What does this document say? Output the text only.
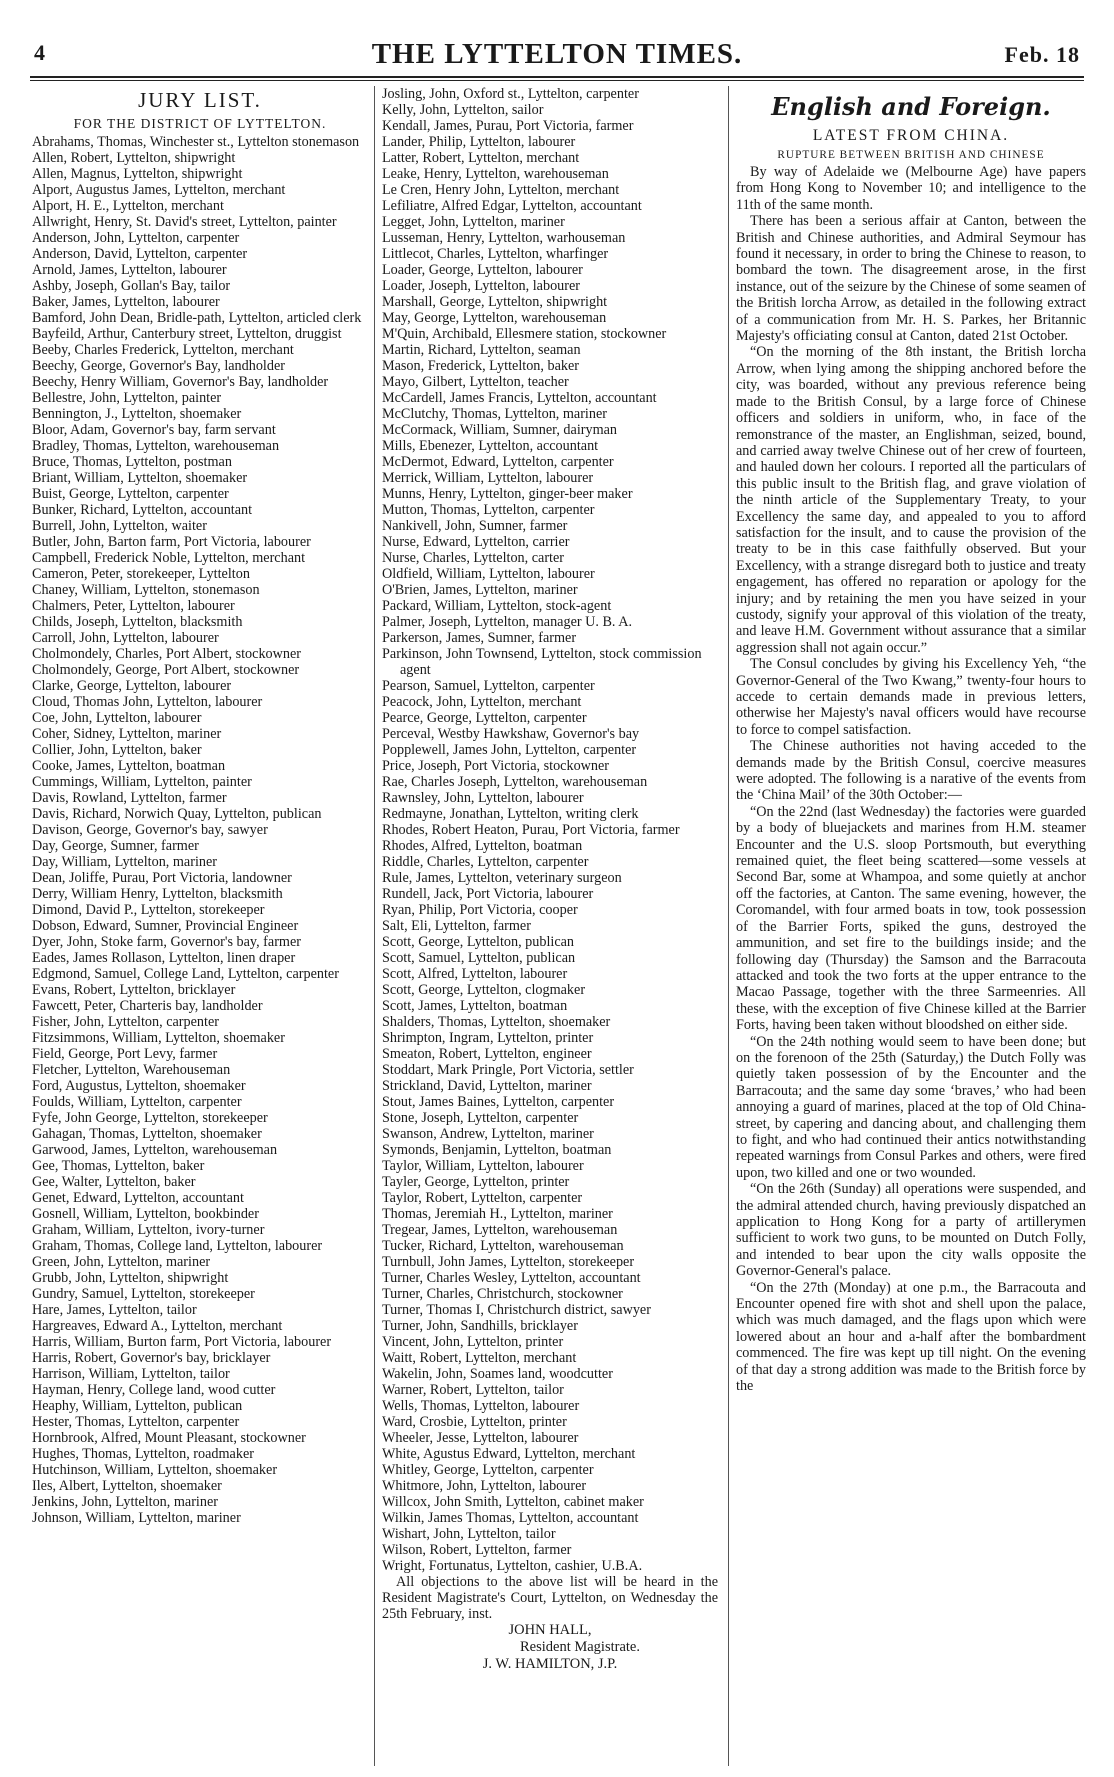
4	THE LYTTELTON TIMES.	Feb. 18
JURY LIST.
FOR THE DISTRICT OF LYTTELTON.
Abrahams, Thomas, Winchester st., Lyttelton stonemason
Allen, Robert, Lyttelton, shipwright
Allen, Magnus, Lyttelton, shipwright
Alport, Augustus James, Lyttelton, merchant
Alport, H. E., Lyttelton, merchant
Allwright, Henry, St. David's street, Lyttelton, painter
Anderson, John, Lyttelton, carpenter
Anderson, David, Lyttelton, carpenter
Arnold, James, Lyttelton, labourer
Ashby, Joseph, Gollan's Bay, tailor
Baker, James, Lyttelton, labourer
Bamford, John Dean, Bridle-path, Lyttelton, articled clerk
Bayfeild, Arthur, Canterbury street, Lyttelton, druggist
Beeby, Charles Frederick, Lyttelton, merchant
Beechy, George, Governor's Bay, landholder
Beechy, Henry William, Governor's Bay, landholder
Bellestre, John, Lyttelton, painter
Bennington, J., Lyttelton, shoemaker
Bloor, Adam, Governor's bay, farm servant
Bradley, Thomas, Lyttelton, warehouseman
Bruce, Thomas, Lyttelton, postman
Briant, William, Lyttelton, shoemaker
Buist, George, Lyttelton, carpenter
Bunker, Richard, Lyttelton, accountant
Burrell, John, Lyttelton, waiter
Butler, John, Barton farm, Port Victoria, labourer
Campbell, Frederick Noble, Lyttelton, merchant
Cameron, Peter, storekeeper, Lyttelton
Chaney, William, Lyttelton, stonemason
Chalmers, Peter, Lyttelton, labourer
Childs, Joseph, Lyttelton, blacksmith
Carroll, John, Lyttelton, labourer
Cholmondely, Charles, Port Albert, stockowner
Cholmondely, George, Port Albert, stockowner
Clarke, George, Lyttelton, labourer
Cloud, Thomas John, Lyttelton, labourer
Coe, John, Lyttelton, labourer
Coher, Sidney, Lyttelton, mariner
Collier, John, Lyttelton, baker
Cooke, James, Lyttelton, boatman
Cummings, William, Lyttelton, painter
Davis, Rowland, Lyttelton, farmer
Davis, Richard, Norwich Quay, Lyttelton, publican
Davison, George, Governor's bay, sawyer
Day, George, Sumner, farmer
Day, William, Lyttelton, mariner
Dean, Joliffe, Purau, Port Victoria, landowner
Derry, William Henry, Lyttelton, blacksmith
Dimond, David P., Lyttelton, storekeeper
Dobson, Edward, Sumner, Provincial Engineer
Dyer, John, Stoke farm, Governor's bay, farmer
Eades, James Rollason, Lyttelton, linen draper
Edgmond, Samuel, College Land, Lyttelton, carpenter
Evans, Robert, Lyttelton, bricklayer
Fawcett, Peter, Charteris bay, landholder
Fisher, John, Lyttelton, carpenter
Fitzsimmons, William, Lyttelton, shoemaker
Field, George, Port Levy, farmer
Fletcher, Lyttelton, Warehouseman
Ford, Augustus, Lyttelton, shoemaker
Foulds, William, Lyttelton, carpenter
Fyfe, John George, Lyttelton, storekeeper
Gahagan, Thomas, Lyttelton, shoemaker
Garwood, James, Lyttelton, warehouseman
Gee, Thomas, Lyttelton, baker
Gee, Walter, Lyttelton, baker
Genet, Edward, Lyttelton, accountant
Gosnell, William, Lyttelton, bookbinder
Graham, William, Lyttelton, ivory-turner
Graham, Thomas, College land, Lyttelton, labourer
Green, John, Lyttelton, mariner
Grubb, John, Lyttelton, shipwright
Gundry, Samuel, Lyttelton, storekeeper
Hare, James, Lyttelton, tailor
Hargreaves, Edward A., Lyttelton, merchant
Harris, William, Burton farm, Port Victoria, labourer
Harris, Robert, Governor's bay, bricklayer
Harrison, William, Lyttelton, tailor
Hayman, Henry, College land, wood cutter
Heaphy, William, Lyttelton, publican
Hester, Thomas, Lyttelton, carpenter
Hornbrook, Alfred, Mount Pleasant, stockowner
Hughes, Thomas, Lyttelton, roadmaker
Hutchinson, William, Lyttelton, shoemaker
Iles, Albert, Lyttelton, shoemaker
Jenkins, John, Lyttelton, mariner
Johnson, William, Lyttelton, mariner
Josling, John, Oxford st., Lyttelton, carpenter
Kelly, John, Lyttelton, sailor
Kendall, James, Purau, Port Victoria, farmer
Lander, Philip, Lyttelton, labourer
Latter, Robert, Lyttelton, merchant
Leake, Henry, Lyttelton, warehouseman
Le Cren, Henry John, Lyttelton, merchant
Lefiliatre, Alfred Edgar, Lyttelton, accountant
Legget, John, Lyttelton, mariner
Lusseman, Henry, Lyttelton, warhouseman
Littlecot, Charles, Lyttelton, wharfinger
Loader, George, Lyttelton, labourer
Loader, Joseph, Lyttelton, labourer
Marshall, George, Lyttelton, shipwright
May, George, Lyttelton, warehouseman
M'Quin, Archibald, Ellesmere station, stockowner
Martin, Richard, Lyttelton, seaman
Mason, Frederick, Lyttelton, baker
Mayo, Gilbert, Lyttelton, teacher
McCardell, James Francis, Lyttelton, accountant
McClutchy, Thomas, Lyttelton, mariner
McCormack, William, Sumner, dairyman
Mills, Ebenezer, Lyttelton, accountant
McDermot, Edward, Lyttelton, carpenter
Merrick, William, Lyttelton, labourer
Munns, Henry, Lyttelton, ginger-beer maker
Mutton, Thomas, Lyttelton, carpenter
Nankivell, John, Sumner, farmer
Nurse, Edward, Lyttelton, carrier
Nurse, Charles, Lyttelton, carter
Oldfield, William, Lyttelton, labourer
O'Brien, James, Lyttelton, mariner
Packard, William, Lyttelton, stock-agent
Palmer, Joseph, Lyttelton, manager U. B. A.
Parkerson, James, Sumner, farmer
Parkinson, John Townsend, Lyttelton, stock commission agent
Pearson, Samuel, Lyttelton, carpenter
Peacock, John, Lyttelton, merchant
Pearce, George, Lyttelton, carpenter
Perceval, Westby Hawkshaw, Governor's bay
Popplewell, James John, Lyttelton, carpenter
Price, Joseph, Port Victoria, stockowner
Rae, Charles Joseph, Lyttelton, warehouseman
Rawnsley, John, Lyttelton, labourer
Redmayne, Jonathan, Lyttelton, writing clerk
Rhodes, Robert Heaton, Purau, Port Victoria, farmer
Rhodes, Alfred, Lyttelton, boatman
Riddle, Charles, Lyttelton, carpenter
Rule, James, Lyttelton, veterinary surgeon
Rundell, Jack, Port Victoria, labourer
Ryan, Philip, Port Victoria, cooper
Salt, Eli, Lyttelton, farmer
Scott, George, Lyttelton, publican
Scott, Samuel, Lyttelton, publican
Scott, Alfred, Lyttelton, labourer
Scott, George, Lyttelton, clogmaker
Scott, James, Lyttelton, boatman
Shalders, Thomas, Lyttelton, shoemaker
Shrimpton, Ingram, Lyttelton, printer
Smeaton, Robert, Lyttelton, engineer
Stoddart, Mark Pringle, Port Victoria, settler
Strickland, David, Lyttelton, mariner
Stout, James Baines, Lyttelton, carpenter
Stone, Joseph, Lyttelton, carpenter
Swanson, Andrew, Lyttelton, mariner
Symonds, Benjamin, Lyttelton, boatman
Taylor, William, Lyttelton, labourer
Tayler, George, Lyttelton, printer
Taylor, Robert, Lyttelton, carpenter
Thomas, Jeremiah H., Lyttelton, mariner
Tregear, James, Lyttelton, warehouseman
Tucker, Richard, Lyttelton, warehouseman
Turnbull, John James, Lyttelton, storekeeper
Turner, Charles Wesley, Lyttelton, accountant
Turner, Charles, Christchurch, stockowner
Turner, Thomas I, Christchurch district, sawyer
Turner, John, Sandhills, bricklayer
Vincent, John, Lyttelton, printer
Waitt, Robert, Lyttelton, merchant
Wakelin, John, Soames land, woodcutter
Warner, Robert, Lyttelton, tailor
Wells, Thomas, Lyttelton, labourer
Ward, Crosbie, Lyttelton, printer
Wheeler, Jesse, Lyttelton, labourer
White, Agustus Edward, Lyttelton, merchant
Whitley, George, Lyttelton, carpenter
Whitmore, John, Lyttelton, labourer
Willcox, John Smith, Lyttelton, cabinet maker
Wilkin, James Thomas, Lyttelton, accountant
Wishart, John, Lyttelton, tailor
Wilson, Robert, Lyttelton, farmer
Wright, Fortunatus, Lyttelton, cashier, U.B.A.
All objections to the above list will be heard in the Resident Magistrate's Court, Lyttelton, on Wednesday the 25th February, inst.
JOHN HALL,
Resident Magistrate.
J. W. HAMILTON, J.P.
English and Foreign.
LATEST FROM CHINA.
RUPTURE BETWEEN BRITISH AND CHINESE
By way of Adelaide we (Melbourne Age) have papers from Hong Kong to November 10; and intelligence to the 11th of the same month.
There has been a serious affair at Canton, between the British and Chinese authorities, and Admiral Seymour has found it necessary, in order to bring the Chinese to reason, to bombard the town. The disagreement arose, in the first instance, out of the seizure by the Chinese of some seamen of the British lorcha Arrow, as detailed in the following extract of a communication from Mr. H. S. Parkes, her Britannic Majesty's officiating consul at Canton, dated 21st October.
“On the morning of the 8th instant, the British lorcha Arrow, when lying among the shipping anchored before the city, was boarded, without any previous reference being made to the British Consul, by a large force of Chinese officers and soldiers in uniform, who, in face of the remonstrance of the master, an Englishman, seized, bound, and carried away twelve Chinese out of her crew of fourteen, and hauled down her colours. I reported all the particulars of this public insult to the British flag, and grave violation of the ninth article of the Supplementary Treaty, to your Excellency the same day, and appealed to you to afford satisfaction for the insult, and to cause the provision of the treaty to be in this case faithfully observed. But your Excellency, with a strange disregard both to justice and treaty engagement, has offered no reparation or apology for the injury; and by retaining the men you have seized in your custody, signify your approval of this violation of the treaty, and leave H.M. Government without assurance that a similar aggression shall not again occur.”
The Consul concludes by giving his Excellency Yeh, “the Governor-General of the Two Kwang,” twenty-four hours to accede to certain demands made in previous letters, otherwise her Majesty's naval officers would have recourse to force to compel satisfaction.
The Chinese authorities not having acceded to the demands made by the British Consul, coercive measures were adopted. The following is a narative of the events from the ‘China Mail’ of the 30th October:—
“On the 22nd (last Wednesday) the factories were guarded by a body of bluejackets and marines from H.M. steamer Encounter and the U.S. sloop Portsmouth, but everything remained quiet, the fleet being scattered—some vessels at Second Bar, some at Whampoa, and some quietly at anchor off the factories, at Canton. The same evening, however, the Coromandel, with four armed boats in tow, took possession of the Barrier Forts, spiked the guns, destroyed the ammunition, and set fire to the buildings inside; and the following day (Thursday) the Samson and the Barracouta attacked and took the two forts at the upper entrance to the Macao Passage, together with the three Sarmeenries. All these, with the exception of five Chinese killed at the Barrier Forts, having been taken without bloodshed on either side.
“On the 24th nothing would seem to have been done; but on the forenoon of the 25th (Saturday,) the Dutch Folly was quietly taken possession of by the Encounter and the Barracouta; and the same day some ‘braves,’ who had been annoying a guard of marines, placed at the top of Old China-street, by capering and dancing about, and challenging them to fight, and who had continued their antics notwithstanding repeated warnings from Consul Parkes and others, were fired upon, two killed and one or two wounded.
“On the 26th (Sunday) all operations were suspended, and the admiral attended church, having previously dispatched an application to Hong Kong for a party of artillerymen sufficient to work two guns, to be mounted on Dutch Folly, and intended to bear upon the city walls opposite the Governor-General's palace.
“On the 27th (Monday) at one p.m., the Barracouta and Encounter opened fire with shot and shell upon the palace, which was much damaged, and the flags upon which were lowered about an hour and a-half after the bombardment commenced. The fire was kept up till night. On the evening of that day a strong addition was made to the British force by the
